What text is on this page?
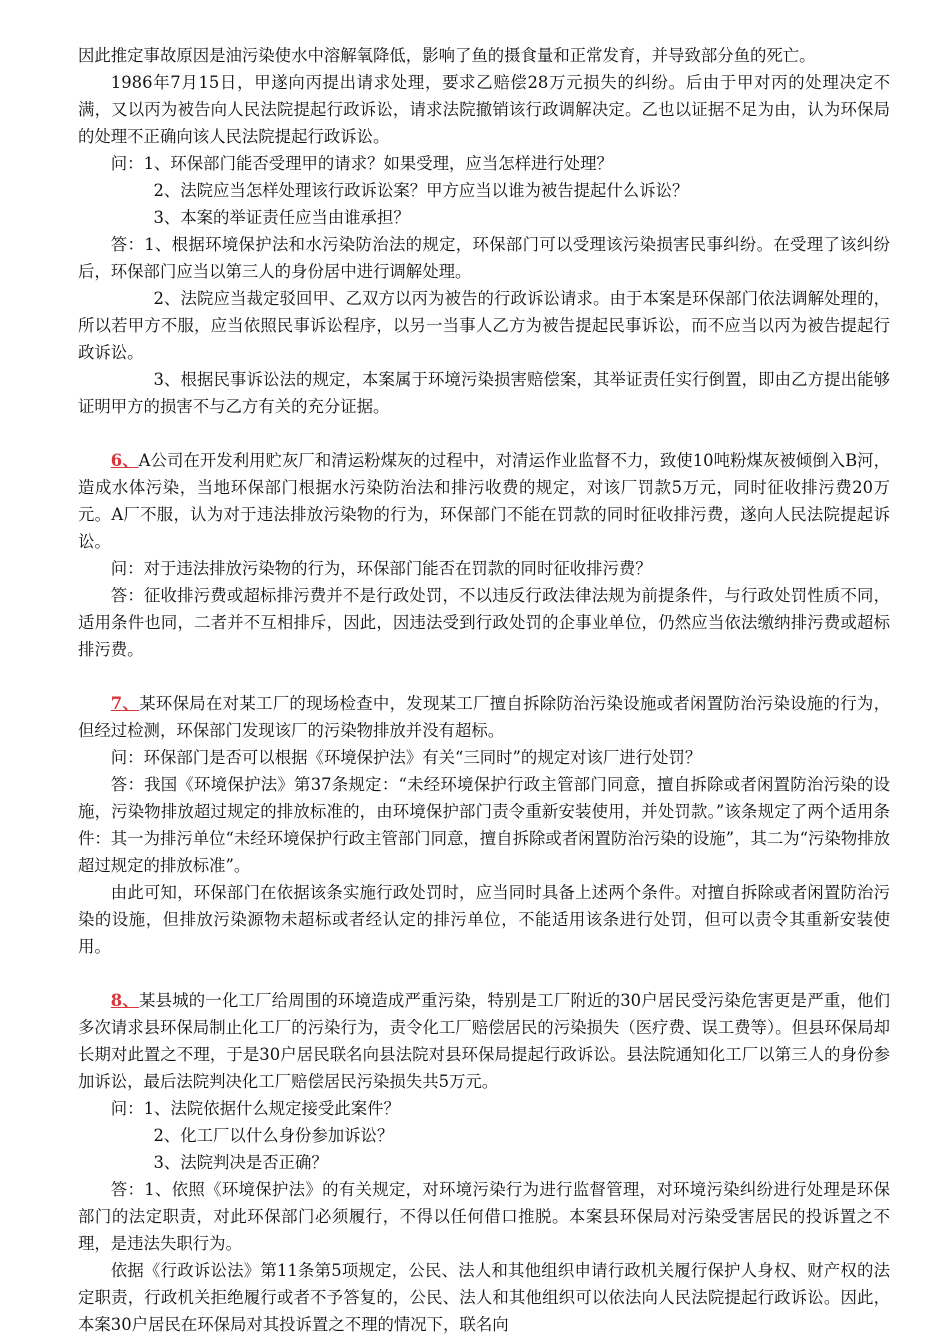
因此推定事故原因是油污染使水中溶解氧降低，影响了鱼的摄食量和正常发育，并导致部分鱼的死亡。

1986年7月15日，甲遂向丙提出请求处理，要求乙赔偿28万元损失的纠纷。后由于甲对丙的处理决定不满，又以丙为被告向人民法院提起行政诉讼，请求法院撤销该行政调解决定。乙也以证据不足为由，认为环保局的处理不正确向该人民法院提起行政诉讼。

问：1、环保部门能否受理甲的请求？如果受理，应当怎样进行处理？

2、法院应当怎样处理该行政诉讼案？甲方应当以谁为被告提起什么诉讼？

3、本案的举证责任应当由谁承担？

答：1、根据环境保护法和水污染防治法的规定，环保部门可以受理该污染损害民事纠纷。在受理了该纠纷后，环保部门应当以第三人的身份居中进行调解处理。

2、法院应当裁定驳回甲、乙双方以丙为被告的行政诉讼请求。由于本案是环保部门依法调解处理的，所以若甲方不服，应当依照民事诉讼程序，以另一当事人乙方为被告提起民事诉讼，而不应当以丙为被告提起行政诉讼。

3、根据民事诉讼法的规定，本案属于环境污染损害赔偿案，其举证责任实行倒置，即由乙方提出能够证明甲方的损害不与乙方有关的充分证据。

6、A公司在开发利用贮灰厂和清运粉煤灰的过程中，对清运作业监督不力，致使10吨粉煤灰被倾倒入B河，造成水体污染，当地环保部门根据水污染防治法和排污收费的规定，对该厂罚款5万元，同时征收排污费20万元。A厂不服，认为对于违法排放污染物的行为，环保部门不能在罚款的同时征收排污费，遂向人民法院提起诉讼。

问：对于违法排放污染物的行为，环保部门能否在罚款的同时征收排污费？

答：征收排污费或超标排污费并不是行政处罚，不以违反行政法律法规为前提条件，与行政处罚性质不同，适用条件也同，二者并不互相排斥，因此，因违法受到行政处罚的企事业单位，仍然应当依法缴纳排污费或超标排污费。

7、某环保局在对某工厂的现场检查中，发现某工厂擅自拆除防治污染设施或者闲置防治污染设施的行为，但经过检测，环保部门发现该厂的污染物排放并没有超标。

问：环保部门是否可以根据《环境保护法》有关“三同时”的规定对该厂进行处罚？

答：我国《环境保护法》第37条规定：“未经环境保护行政主管部门同意，擅自拆除或者闲置防治污染的设施，污染物排放超过规定的排放标准的，由环境保护部门责令重新安装使用，并处罚款。”该条规定了两个适用条件：其一为排污单位“未经环境保护行政主管部门同意，擅自拆除或者闲置防治污染的设施”，其二为“污染物排放超过规定的排放标准”。

由此可知，环保部门在依据该条实施行政处罚时，应当同时具备上述两个条件。对擅自拆除或者闲置防治污染的设施，但排放污染源物未超标或者经认定的排污单位，不能适用该条进行处罚，但可以责令其重新安装使用。

8、某县城的一化工厂给周围的环境造成严重污染，特别是工厂附近的30户居民受污染危害更是严重，他们多次请求县环保局制止化工厂的污染行为，责令化工厂赔偿居民的污染损失（医疗费、误工费等）。但县环保局却长期对此置之不理，于是30户居民联名向县法院对县环保局提起行政诉讼。县法院通知化工厂以第三人的身份参加诉讼，最后法院判决化工厂赔偿居民污染损失共5万元。

问：1、法院依据什么规定接受此案件？

2、化工厂以什么身份参加诉讼？

3、法院判决是否正确？

答：1、依照《环境保护法》的有关规定，对环境污染行为进行监督管理，对环境污染纠纷进行处理是环保部门的法定职责，对此环保部门必须履行，不得以任何借口推脱。本案县环保局对污染受害居民的投诉置之不理，是违法失职行为。

依据《行政诉讼法》第11条第5项规定，公民、法人和其他组织申请行政机关履行保护人身权、财产权的法定职责，行政机关拒绝履行或者不予答复的，公民、法人和其他组织可以依法向人民法院提起行政诉讼。因此，本案30户居民在环保局对其投诉置之不理的情况下，联名向
